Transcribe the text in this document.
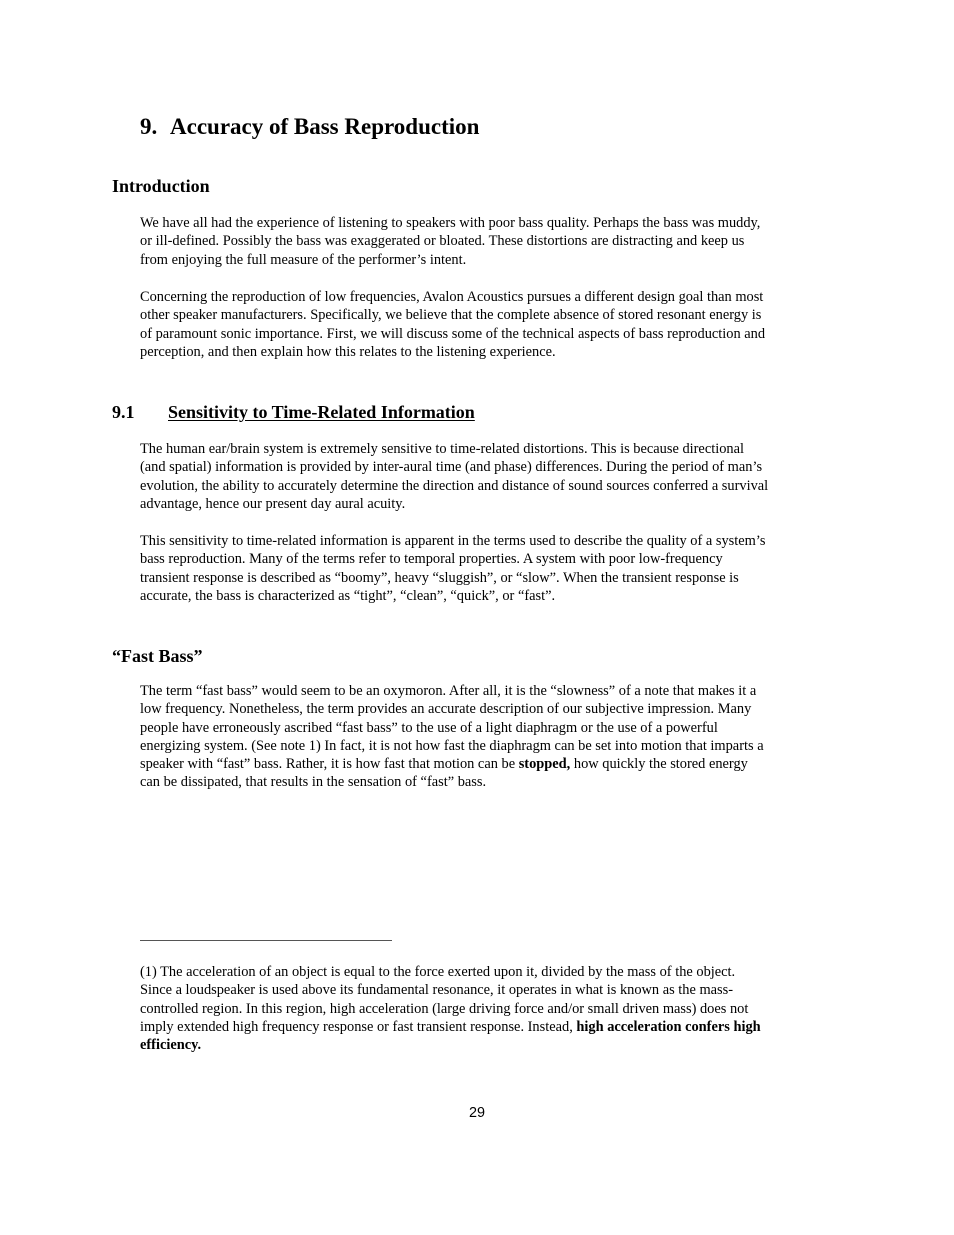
9. Accuracy of Bass Reproduction
Introduction

We have all had the experience of listening to speakers with poor bass quality. Perhaps the bass was muddy,
or ill-defined. Possibly the bass was exaggerated or bloated. These distortions are distracting and keep us
from enjoying the full measure of the performer’s intent.

Concerning the reproduction of low frequencies, Avalon Acoustics pursues a different design goal than most
other speaker manufacturers. Specifically, we believe that the complete absence of stored resonant energy is
of paramount sonic importance. First, we will discuss some of the technical aspects of bass reproduction and
perception, and then explain how this relates to the listening experience.

9.1 Sensitivity to Time-Related Information

The human ear/brain system is extremely sensitive to time-related distortions. This is because directional
(and spatial) information is provided by inter-aural time (and phase) differences. During the period of man’s
evolution, the ability to accurately determine the direction and distance of sound sources conferred a survival
advantage, hence our present day aural acuity.

This sensitivity to time-related information is apparent in the terms used to describe the quality of a system’s
bass reproduction. Many of the terms refer to temporal properties. A system with poor low-frequency
transient response is described as “boomy”, heavy “sluggish”, or “slow”. When the transient response is
accurate, the bass is characterized as “tight”, “clean”, “quick”, or “fast”.

“Fast Bass”

The term “fast bass” would seem to be an oxymoron. After all, it is the “slowness” of a note that makes it a
low frequency. Nonetheless, the term provides an accurate description of our subjective impression. Many
people have erroneously ascribed “fast bass” to the use of a light diaphragm or the use of a powerful
energizing system. (See note 1) In fact, it is not how fast the diaphragm can be set into motion that imparts a
speaker with “fast” bass. Rather, it is how fast that motion can be stopped, how quickly the stored energy
can be dissipated, that results in the sensation of “fast” bass.

(1) The acceleration of an object is equal to the force exerted upon it, divided by the mass of the object.
Since a loudspeaker is used above its fundamental resonance, it operates in what is known as the mass-
controlled region. In this region, high acceleration (large driving force and/or small driven mass) does not
imply extended high frequency response or fast transient response. Instead, high acceleration confers high
efficiency.

29
